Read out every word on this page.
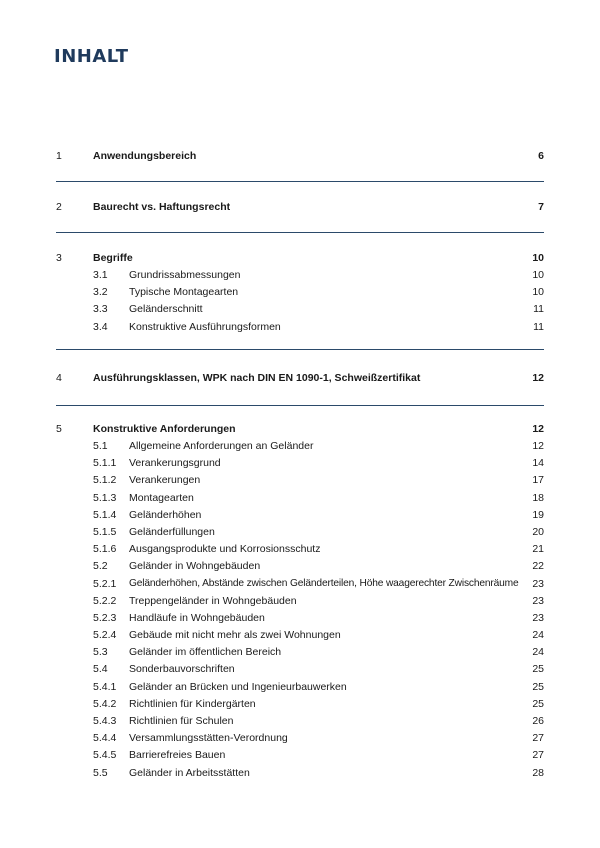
INHALT
1	Anwendungsbereich	6
2	Baurecht vs. Haftungsrecht	7
3	Begriffe	10
3.1 Grundrissabmessungen	10
3.2 Typische Montagearten	10
3.3 Geländerschnitt	11
3.4 Konstruktive Ausführungsformen	11
4	Ausführungsklassen, WPK nach DIN EN 1090-1, Schweißzertifikat	12
5	Konstruktive Anforderungen	12
5.1 Allgemeine Anforderungen an Geländer	12
5.1.1 Verankerungsgrund	14
5.1.2 Verankerungen	17
5.1.3 Montagearten	18
5.1.4 Geländerhöhen	19
5.1.5 Geländerfüllungen	20
5.1.6 Ausgangsprodukte und Korrosionsschutz	21
5.2 Geländer in Wohngebäuden	22
5.2.1 Geländerhöhen, Abstände zwischen Geländerteilen, Höhe waagerechter Zwischenräume 23
5.2.2 Treppengeländer in Wohngebäuden	23
5.2.3 Handläufe in Wohngebäuden	23
5.2.4 Gebäude mit nicht mehr als zwei Wohnungen	24
5.3 Geländer im öffentlichen Bereich	24
5.4 Sonderbauvorschriften	25
5.4.1 Geländer an Brücken und Ingenieurbauwerken	25
5.4.2 Richtlinien für Kindergärten	25
5.4.3 Richtlinien für Schulen	26
5.4.4 Versammlungsstätten-Verordnung	27
5.4.5 Barrierefreies Bauen	27
5.5 Geländer in Arbeitsstätten	28
